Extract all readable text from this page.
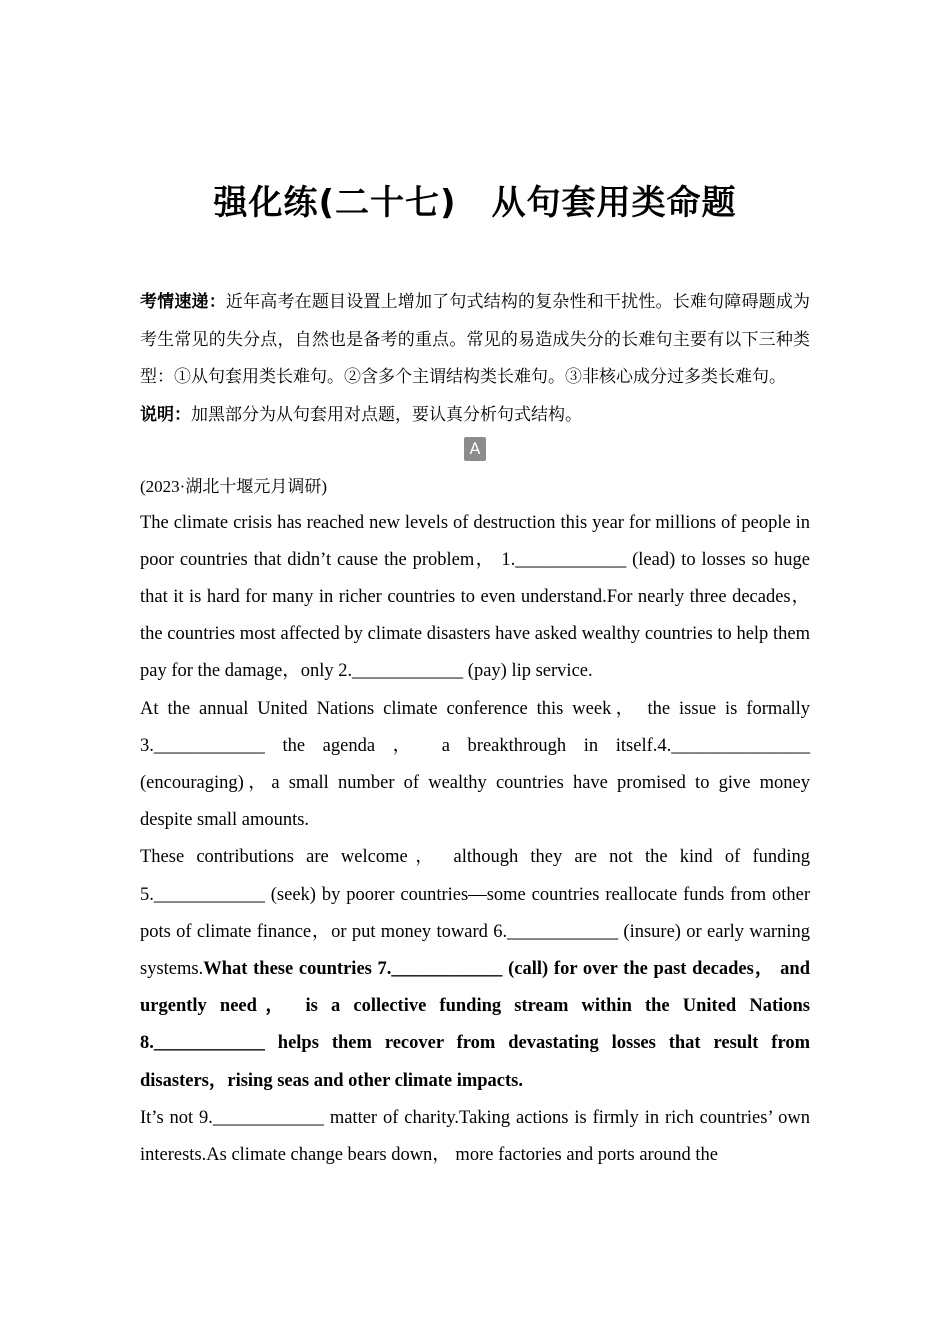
强化练(二十七)　从句套用类命题

考情速递：近年高考在题目设置上增加了句式结构的复杂性和干扰性。长难句障碍题成为考生常见的失分点，自然也是备考的重点。常见的易造成失分的长难句主要有以下三种类型：①从句套用类长难句。②含多个主谓结构类长难句。③非核心成分过多类长难句。

说明：加黑部分为从句套用对点题，要认真分析句式结构。

A

(2023·湖北十堰元月调研)

The climate crisis has reached new levels of destruction this year for millions of people in poor countries that didn’t cause the problem， 1.____________ (lead) to losses so huge that it is hard for many in richer countries to even understand.For nearly three decades， the countries most affected by climate disasters have asked wealthy countries to help them pay for the damage，only 2.____________ (pay) lip service.

At the annual United Nations climate conference this week， the issue is formally 3.____________ the agenda ， a breakthrough in itself.4._______________ (encouraging)，a small number of wealthy countries have promised to give money despite small amounts.

These contributions are welcome， although they are not the kind of funding 5.____________ (seek) by poorer countries—some countries reallocate funds from other pots of climate finance，or put money toward 6.____________ (insure) or early warning systems.What these countries 7.____________ (call) for over the past decades， and urgently need， is a collective funding stream within the United Nations 8.____________ helps them recover from devastating losses that result from disasters，rising seas and other climate impacts.

It’s not 9.____________ matter of charity.Taking actions is firmly in rich countries’ own interests.As climate change bears down， more factories and ports around the
